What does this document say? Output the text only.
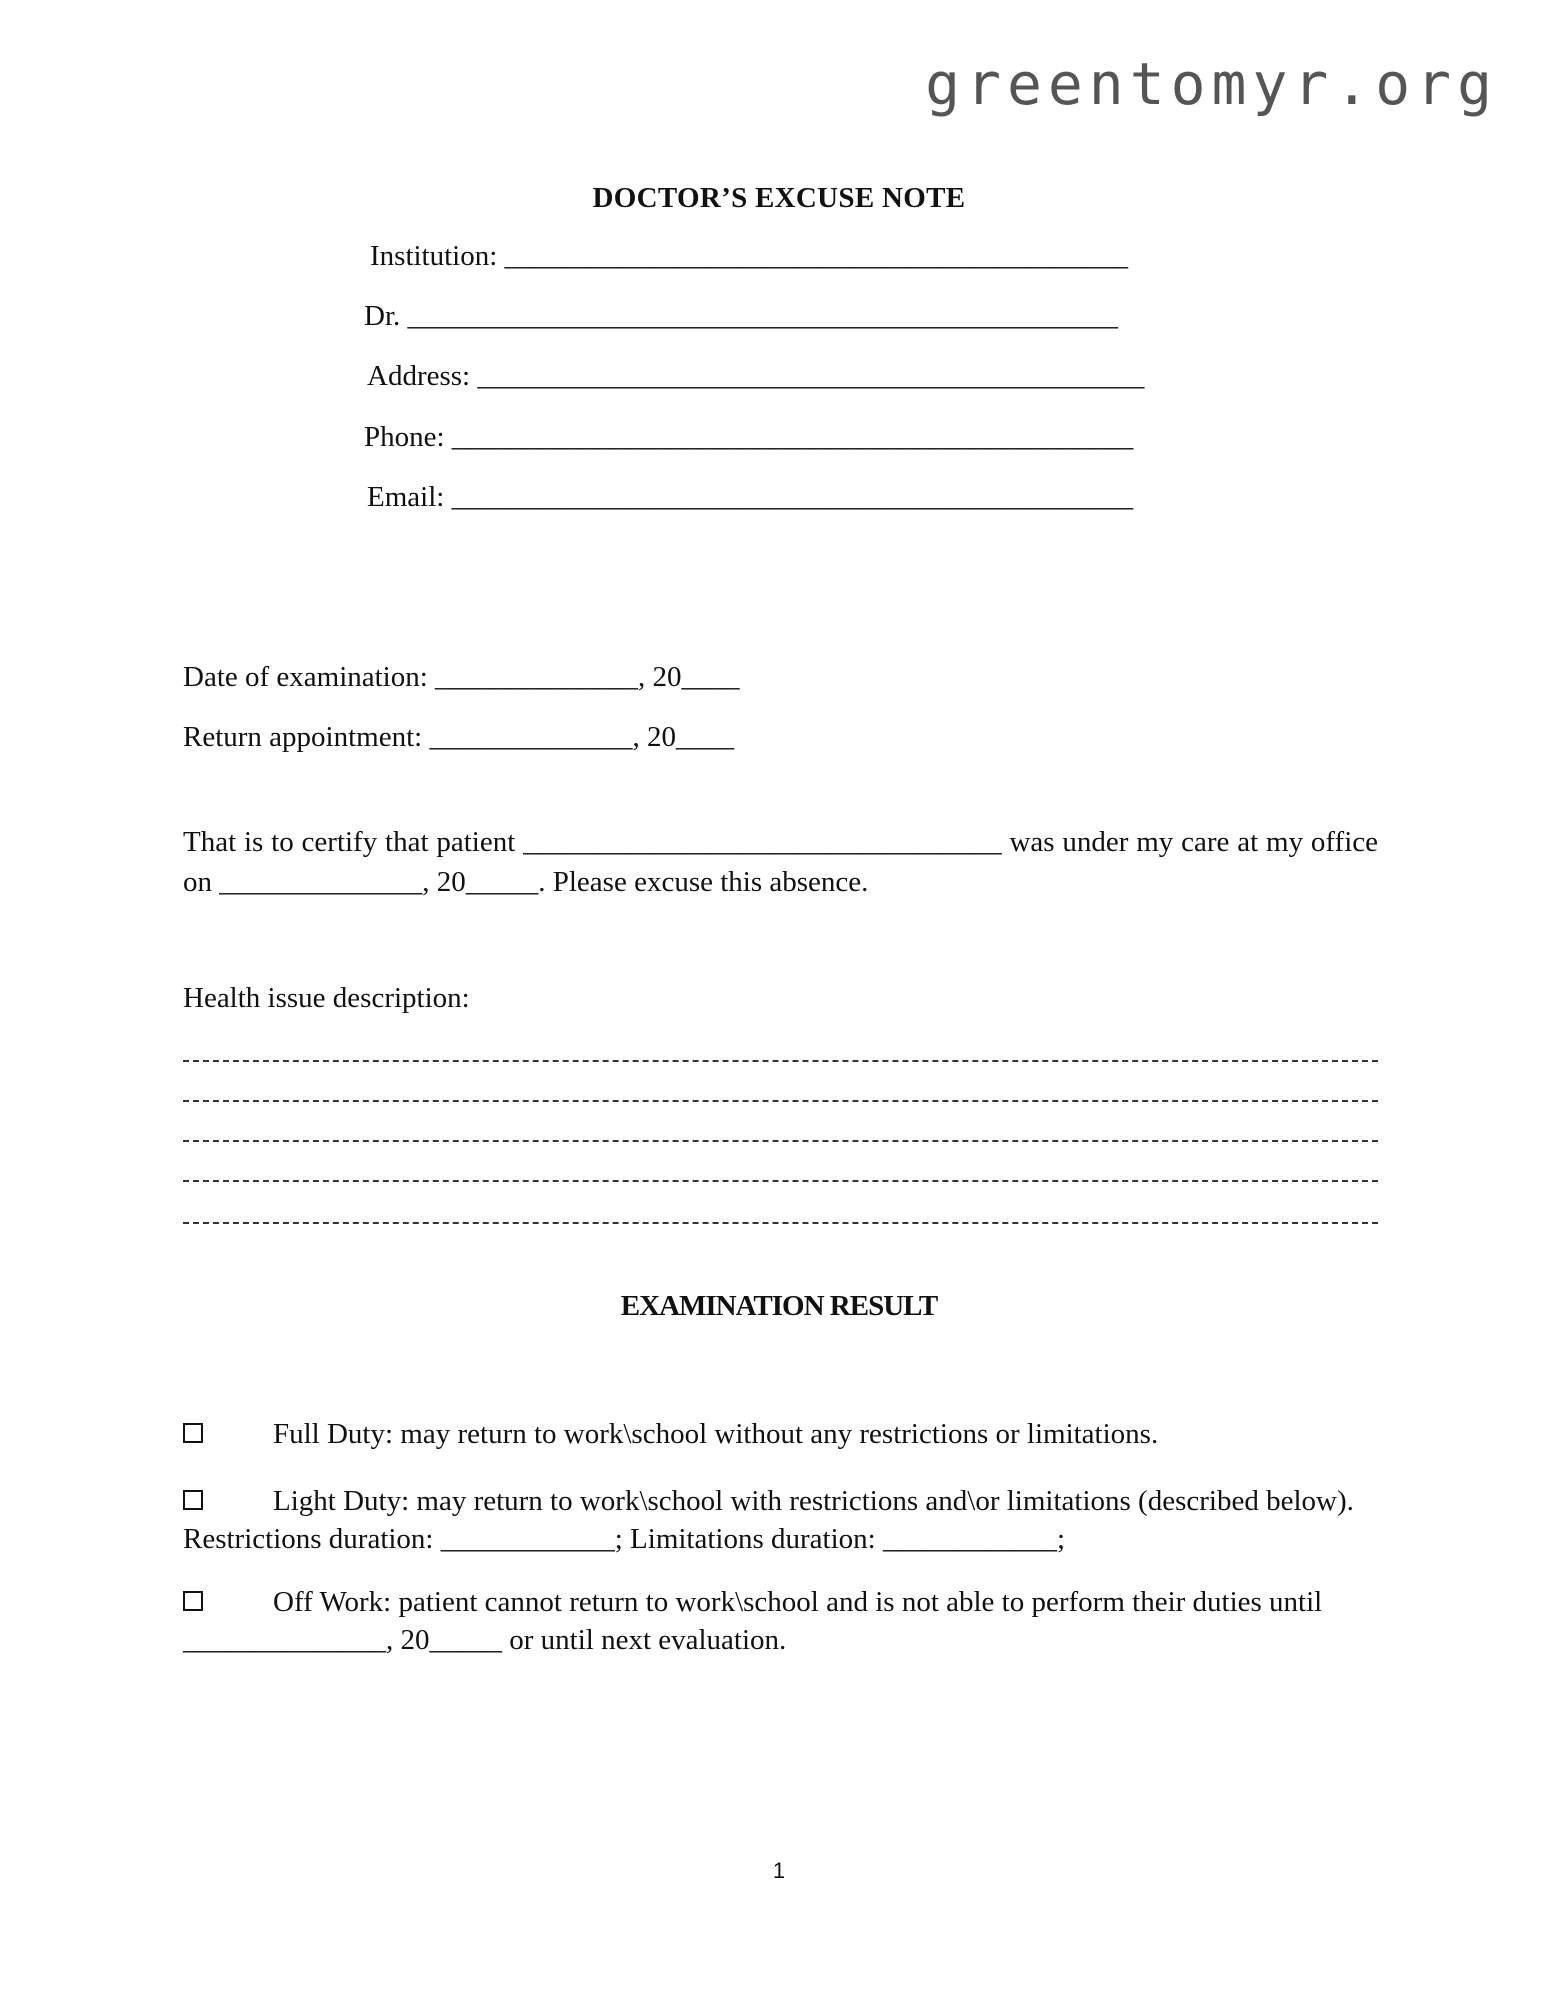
greentomyr.org
DOCTOR’S EXCUSE NOTE
Institution: ___________________________________________
Dr. _________________________________________________
Address: ______________________________________________
Phone: _______________________________________________
Email: _______________________________________________
Date of examination: ______________, 20____
Return appointment: ______________, 20____
That is to certify that patient _________________________________ was under my care at my office on ______________, 20_____. Please excuse this absence.
Health issue description:
EXAMINATION RESULT
Full Duty: may return to work\school without any restrictions or limitations.
Light Duty: may return to work\school with restrictions and\or limitations (described below). Restrictions duration: ____________; Limitations duration: ____________;
Off Work: patient cannot return to work\school and is not able to perform their duties until ______________, 20_____ or until next evaluation.
1
